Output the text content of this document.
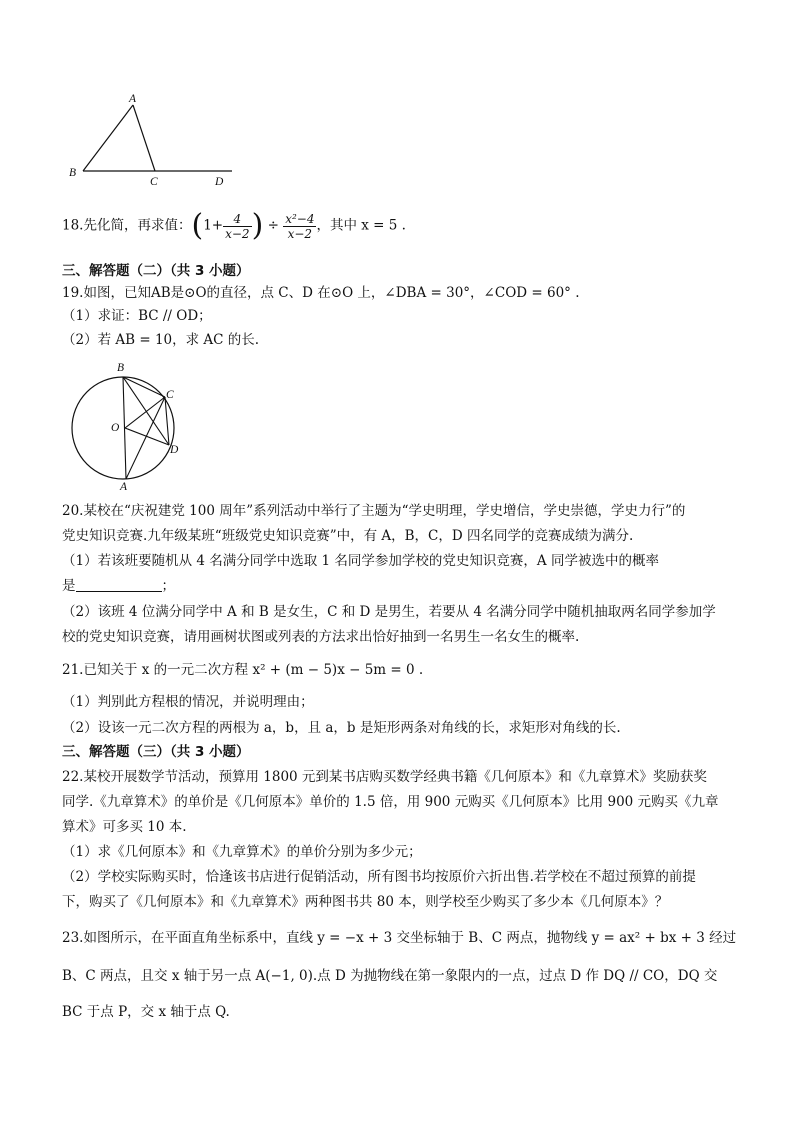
A
B
C	D
18.先化简，再求值：($1+ \frac{4}{x-2}$ ) ÷ $\frac{\text{x²−4}}{x-2}$ ，其中 x = 5 .
三、解答题（二）（共 3 小题）
19.如图，已知AB是⊙O的直径，点 C、D 在⊙O 上，∠DBA = 30°，∠COD = 60° .
（1）求证：BC // OD；
（2）若 AB = 10，求 AC 的长.
B
C
O
D
A
20.某校在“庆祝建党 100 周年”系列活动中举行了主题为“学史明理，学史增信，学史崇德，学史力行”的
党史知识竞赛.九年级某班“班级党史知识竞赛”中，有 A，B，C，D 四名同学的竞赛成绩为满分.
（1）若该班要随机从 4 名满分同学中选取 1 名同学参加学校的党史知识竞赛，A 同学被选中的概率
是	；
（2）该班 4 位满分同学中 A 和 B 是女生，C 和 D 是男生，若要从 4 名满分同学中随机抽取两名同学参加学
校的党史知识竞赛，请用画树状图或列表的方法求出恰好抽到一名男生一名女生的概率.
21.已知关于 x 的一元二次方程 x² + (m − 5)x − 5m = 0 .
（1）判别此方程根的情况，并说明理由；
（2）设该一元二次方程的两根为 a，b，且 a，b 是矩形两条对角线的长，求矩形对角线的长.
三、解答题（三）（共 3 小题）
22.某校开展数学节活动，预算用 1800 元到某书店购买数学经典书籍《几何原本》和《九章算术》奖励获奖
同学.《九章算术》的单价是《几何原本》单价的 1.5 倍，用 900 元购买《几何原本》比用 900 元购买《九章
算术》可多买 10 本.
（1）求《几何原本》和《九章算术》的单价分别为多少元；
（2）学校实际购买时，恰逢该书店进行促销活动，所有图书均按原价六折出售.若学校在不超过预算的前提
下，购买了《几何原本》和《九章算术》两种图书共 80 本，则学校至少购买了多少本《几何原本》？
23.如图所示，在平面直角坐标系中，直线 y = −x + 3 交坐标轴于 B、C 两点，抛物线 y = ax² + bx + 3 经过
B、C 两点，且交 x 轴于另一点 A(−1, 0).点 D 为抛物线在第一象限内的一点，过点 D 作 DQ // CO，DQ 交
BC 于点 P，交 x 轴于点 Q.
